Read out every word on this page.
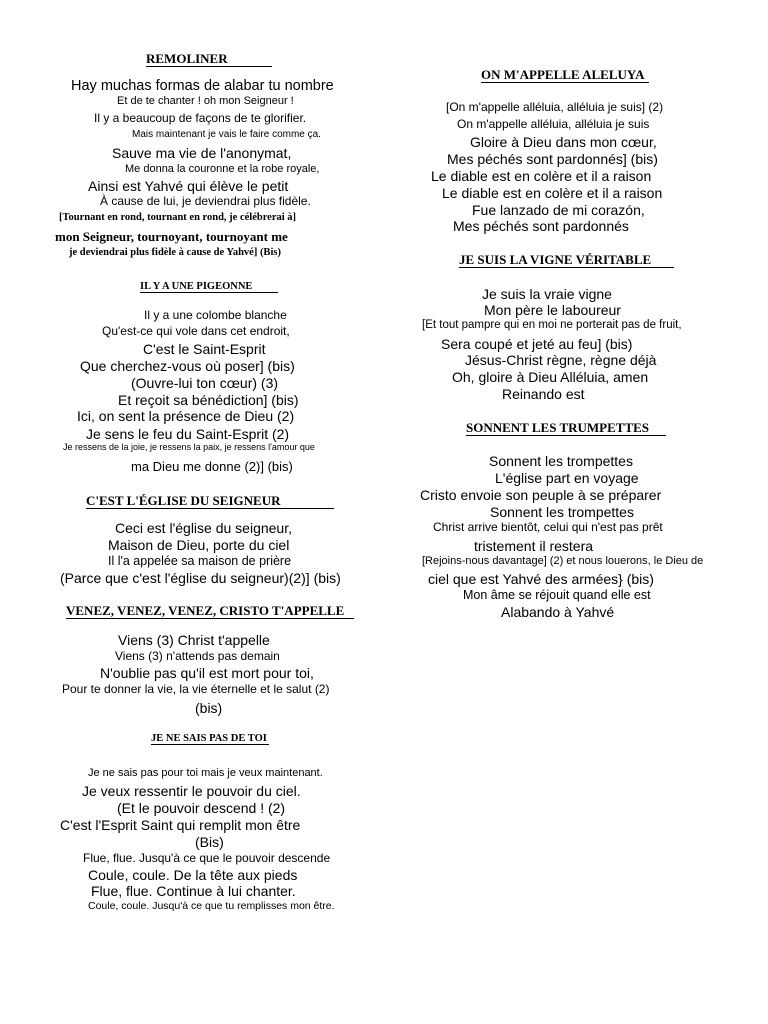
REMOLINER
Hay muchas formas de alabar tu nombre
Et de te chanter ! oh mon Seigneur !
Il y a beaucoup de façons de te glorifier.
Mais maintenant je vais le faire comme ça.
Sauve ma vie de l'anonymat,
Me donna la couronne et la robe royale,
Ainsi est Yahvé qui élève le petit
À cause de lui, je deviendrai plus fidèle.
[Tournant en rond, tournant en rond, je célébrerai à]
mon Seigneur, tournoyant, tournoyant me
je deviendrai plus fidèle à cause de Yahvé] (Bis)
IL Y A UNE PIGEONNE
Il y a une colombe blanche
Qu'est-ce qui vole dans cet endroit,
C'est le Saint-Esprit
Que cherchez-vous où poser] (bis)
(Ouvre-lui ton cœur) (3)
Et reçoit sa bénédiction] (bis)
Ici, on sent la présence de Dieu (2)
Je sens le feu du Saint-Esprit (2)
Je ressens de la joie, je ressens la paix, je ressens l'amour que
ma Dieu me donne (2)] (bis)
C'EST L'ÉGLISE DU SEIGNEUR
Ceci est l'église du seigneur,
Maison de Dieu, porte du ciel
Il l'a appelée sa maison de prière
(Parce que c'est l'église du seigneur)(2)] (bis)
VENEZ, VENEZ, VENEZ, CRISTO T'APPELLE
Viens (3) Christ t'appelle
Viens (3) n'attends pas demain
N'oublie pas qu'il est mort pour toi,
Pour te donner la vie, la vie éternelle et le salut (2)
(bis)
JE NE SAIS PAS DE TOI
Je ne sais pas pour toi mais je veux maintenant.
Je veux ressentir le pouvoir du ciel.
(Et le pouvoir descend ! (2)
C'est l'Esprit Saint qui remplit mon être
(Bis)
Flue, flue. Jusqu'à ce que le pouvoir descende
Coule, coule. De la tête aux pieds
Flue, flue. Continue à lui chanter.
Coule, coule. Jusqu'à ce que tu remplisses mon être.
ON M'APPELLE ALELUYA
[On m'appelle alléluia, alléluia je suis] (2)
On m'appelle alléluia, alléluia je suis
Gloire à Dieu dans mon cœur,
Mes péchés sont pardonnés] (bis)
Le diable est en colère et il a raison
Le diable est en colère et il a raison
Fue lanzado de mi corazón,
Mes péchés sont pardonnés
JE SUIS LA VIGNE VÉRITABLE
Je suis la vraie vigne
Mon père le laboureur
[Et tout pampre qui en moi ne porterait pas de fruit,
Sera coupé et jeté au feu] (bis)
Jésus-Christ règne, règne déjà
Oh, gloire à Dieu Alléluia, amen
Reinando est
SONNENT LES TRUMPETTES
Sonnent les trompettes
L'église part en voyage
Cristo envoie son peuple à se préparer
Sonnent les trompettes
Christ arrive bientôt, celui qui n'est pas prêt
tristement il restera
[Rejoins-nous davantage] (2) et nous louerons, le Dieu de
ciel que est Yahvé des armées} (bis)
Mon âme se réjouit quand elle est
Alabando à Yahvé
